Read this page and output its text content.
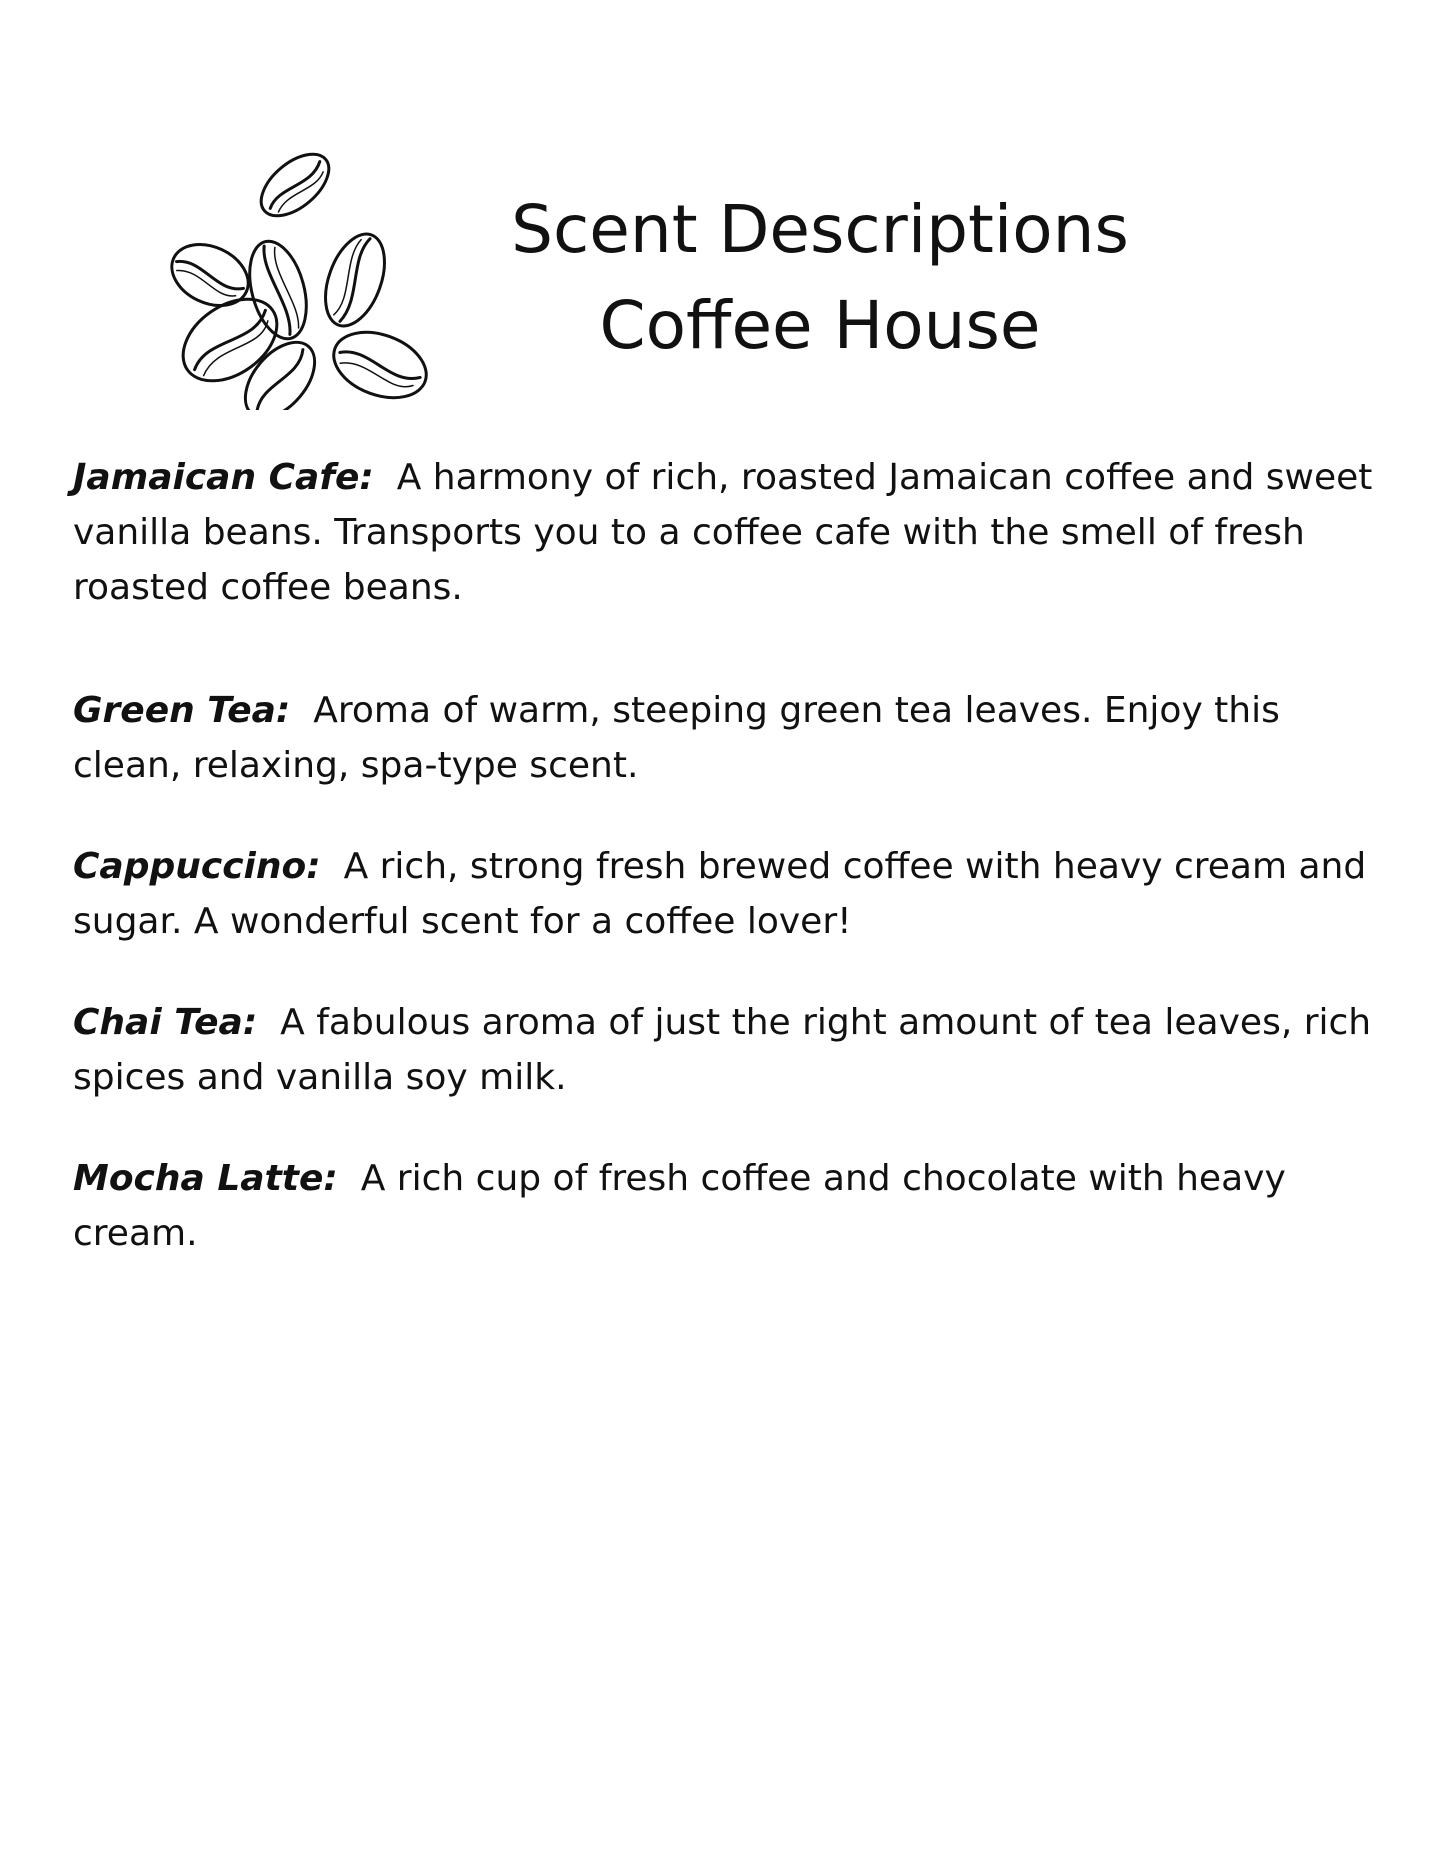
Scent Descriptions
Coffee House

Jamaican Cafe: A harmony of rich, roasted Jamaican coffee and sweet vanilla beans. Transports you to a coffee cafe with the smell of fresh roasted coffee beans.

Green Tea: Aroma of warm, steeping green tea leaves. Enjoy this clean, relaxing, spa-type scent.

Cappuccino: A rich, strong fresh brewed coffee with heavy cream and sugar. A wonderful scent for a coffee lover!

Chai Tea: A fabulous aroma of just the right amount of tea leaves, rich spices and vanilla soy milk.

Mocha Latte: A rich cup of fresh coffee and chocolate with heavy cream.
